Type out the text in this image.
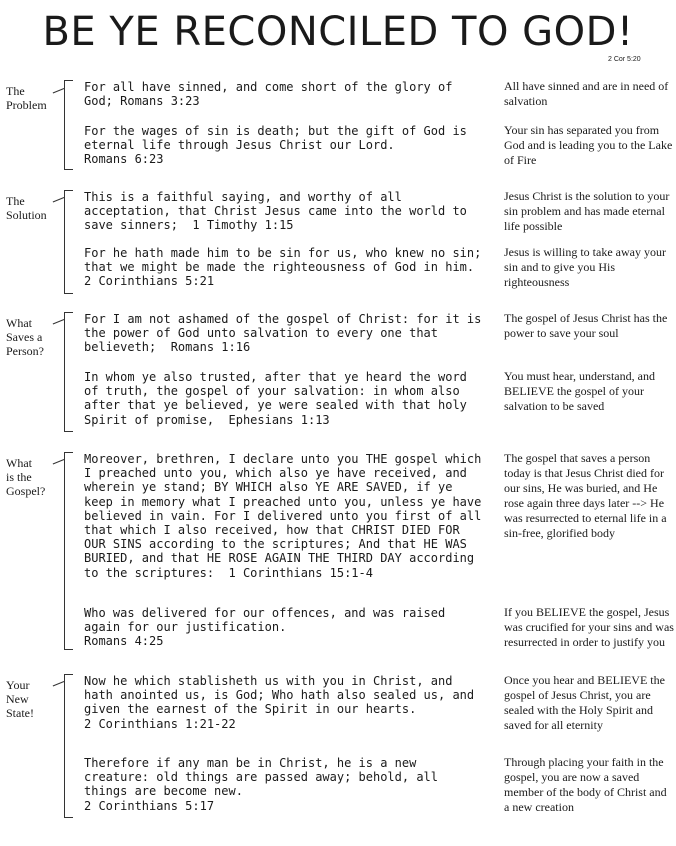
BE YE RECONCILED TO GOD!
2 Cor 5:20
The
Problem
For all have sinned, and come short of the glory of
God; Romans 3:23
All have sinned and are in need of salvation
For the wages of sin is death; but the gift of God is
eternal life through Jesus Christ our Lord.
Romans 6:23
Your sin has separated you from God and is leading you to the Lake of Fire
The
Solution
This is a faithful saying, and worthy of all
acceptation, that Christ Jesus came into the world to
save sinners;  1 Timothy 1:15
Jesus Christ is the solution to your sin problem and has made eternal life possible
For he hath made him to be sin for us, who knew no sin;
that we might be made the righteousness of God in him.
2 Corinthians 5:21
Jesus is willing to take away your sin and to give you His righteousness
What
Saves a
Person?
For I am not ashamed of the gospel of Christ: for it is
the power of God unto salvation to every one that
believeth;  Romans 1:16
The gospel of Jesus Christ has the power to save your soul
In whom ye also trusted, after that ye heard the word
of truth, the gospel of your salvation: in whom also
after that ye believed, ye were sealed with that holy
Spirit of promise,  Ephesians 1:13
You must hear, understand, and BELIEVE the gospel of your salvation to be saved
What
is the
Gospel?
Moreover, brethren, I declare unto you THE gospel which
I preached unto you, which also ye have received, and
wherein ye stand; BY WHICH also YE ARE SAVED, if ye
keep in memory what I preached unto you, unless ye have
believed in vain. For I delivered unto you first of all
that which I also received, how that CHRIST DIED FOR
OUR SINS according to the scriptures; And that HE WAS
BURIED, and that HE ROSE AGAIN THE THIRD DAY according
to the scriptures:  1 Corinthians 15:1-4
The gospel that saves a person today is that Jesus Christ died for our sins, He was buried, and He rose again three days later --> He was resurrected to eternal life in a sin-free, glorified body
Who was delivered for our offences, and was raised
again for our justification.
Romans 4:25
If you BELIEVE the gospel, Jesus was crucified for your sins and was resurrected in order to justify you
Your
New
State!
Now he which stablisheth us with you in Christ, and
hath anointed us, is God; Who hath also sealed us, and
given the earnest of the Spirit in our hearts.
2 Corinthians 1:21-22
Once you hear and BELIEVE the gospel of Jesus Christ, you are sealed with the Holy Spirit and saved for all eternity
Therefore if any man be in Christ, he is a new
creature: old things are passed away; behold, all
things are become new.
2 Corinthians 5:17
Through placing your faith in the gospel, you are now a saved member of the body of Christ and a new creation
